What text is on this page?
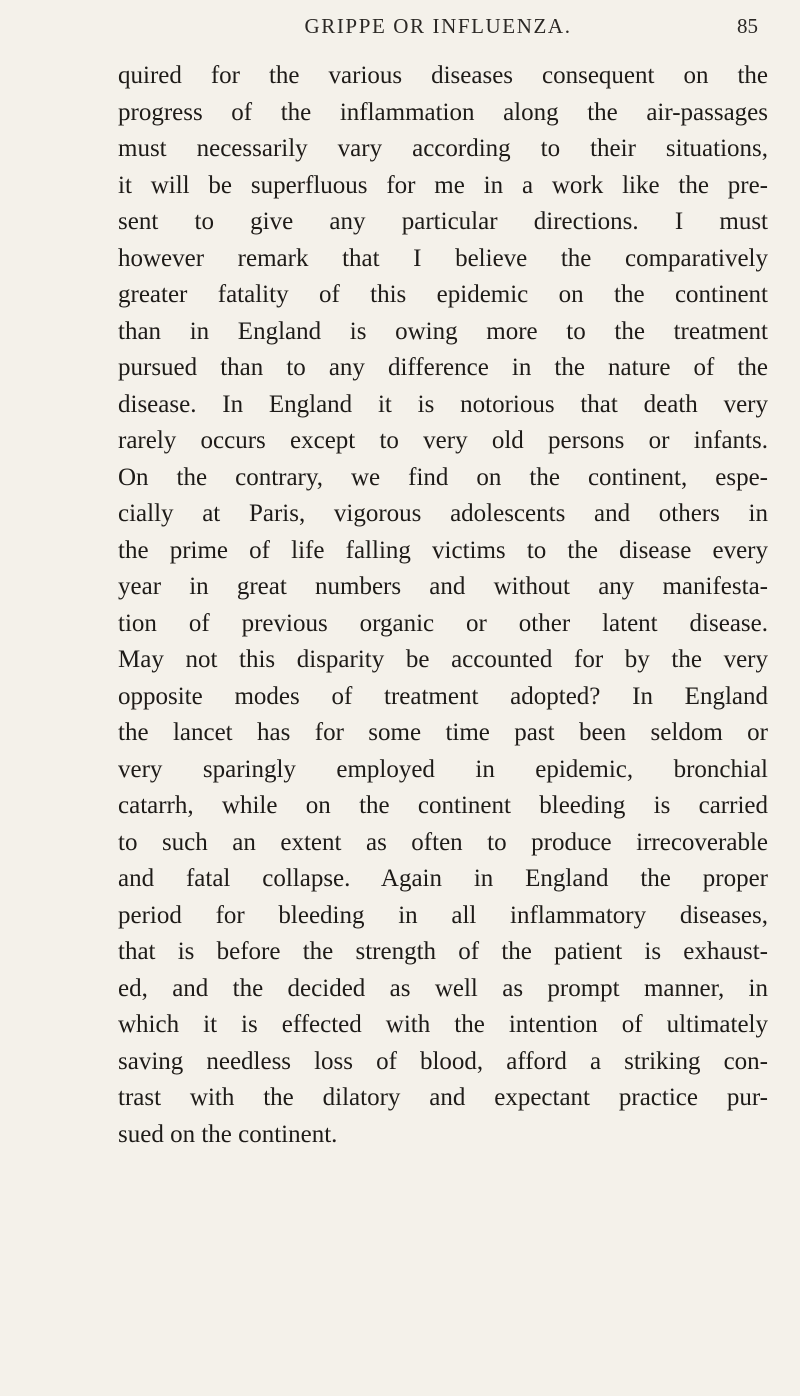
GRIPPE OR INFLUENZA.	85
quired for the various diseases consequent on the
progress of the inflammation along the air-passages
must necessarily vary according to their situations,
it will be superfluous for me in a work like the pre-
sent to give any particular directions. I must
however remark that I believe the comparatively
greater fatality of this epidemic on the continent
than in England is owing more to the treatment
pursued than to any difference in the nature of the
disease. In England it is notorious that death very
rarely occurs except to very old persons or infants.
On the contrary, we find on the continent, espe-
cially at Paris, vigorous adolescents and others in
the prime of life falling victims to the disease every
year in great numbers and without any manifesta-
tion of previous organic or other latent disease.
May not this disparity be accounted for by the very
opposite modes of treatment adopted? In England
the lancet has for some time past been seldom or
very sparingly employed in epidemic, bronchial
catarrh, while on the continent bleeding is carried
to such an extent as often to produce irrecoverable
and fatal collapse. Again in England the proper
period for bleeding in all inflammatory diseases,
that is before the strength of the patient is exhaust-
ed, and the decided as well as prompt manner, in
which it is effected with the intention of ultimately
saving needless loss of blood, afford a striking con-
trast with the dilatory and expectant practice pur-
sued on the continent.
